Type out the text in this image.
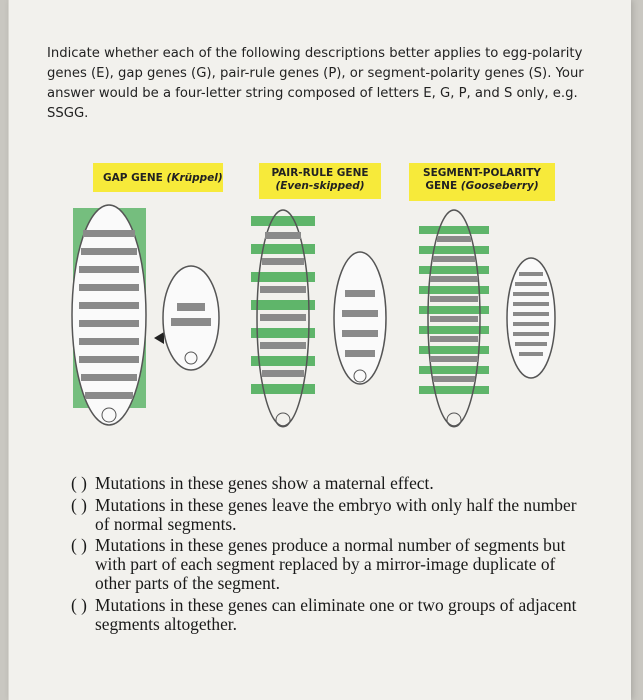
Indicate whether each of the following descriptions better applies to egg-polarity genes (E), gap genes (G), pair-rule genes (P), or segment-polarity genes (S). Your answer would be a four-letter string composed of letters E, G, P, and S only, e.g. SSGG.
GAP GENE (Krüppel)	PAIR-RULE GENE
(Even-skipped)
SEGMENT-POLARITY
GENE (Gooseberry)
( ) Mutations in these genes show a maternal effect.
( ) Mutations in these genes leave the embryo with only half the number of normal segments.
( ) Mutations in these genes produce a normal number of segments but with part of each segment replaced by a mirror-image duplicate of other parts of the segment.
( ) Mutations in these genes can eliminate one or two groups of adjacent segments altogether.
